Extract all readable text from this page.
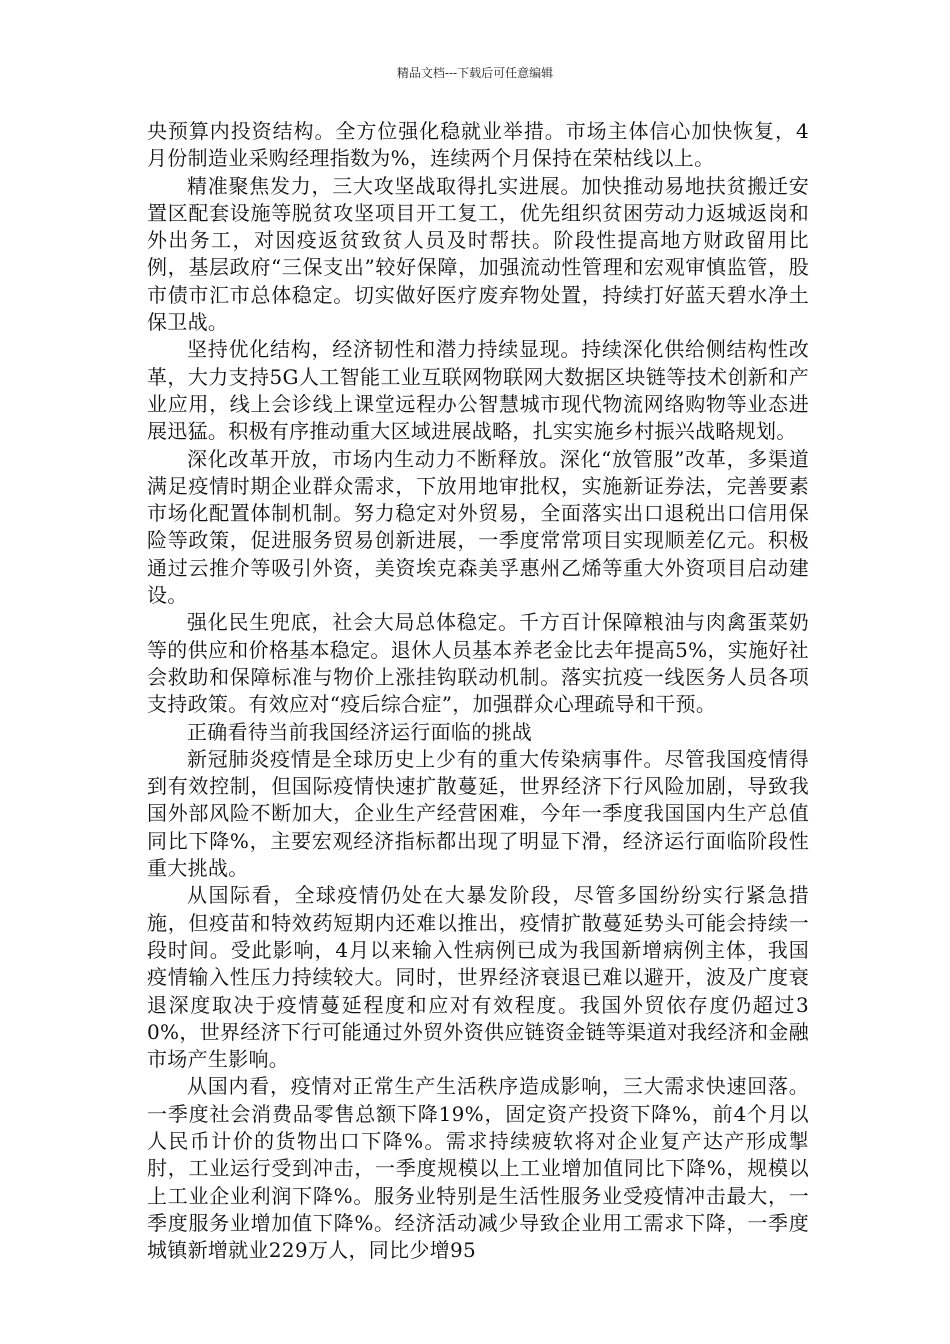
精品文档---下载后可任意编辑

央预算内投资结构。全方位强化稳就业举措。市场主体信心加快恢复，4月份制造业采购经理指数为%，连续两个月保持在荣枯线以上。

精准聚焦发力，三大攻坚战取得扎实进展。加快推动易地扶贫搬迁安置区配套设施等脱贫攻坚项目开工复工，优先组织贫困劳动力返城返岗和外出务工，对因疫返贫致贫人员及时帮扶。阶段性提高地方财政留用比例，基层政府“三保支出”较好保障，加强流动性管理和宏观审慎监管，股市债市汇市总体稳定。切实做好医疗废弃物处置，持续打好蓝天碧水净土保卫战。

坚持优化结构，经济韧性和潜力持续显现。持续深化供给侧结构性改革，大力支持5G人工智能工业互联网物联网大数据区块链等技术创新和产业应用，线上会诊线上课堂远程办公智慧城市现代物流网络购物等业态进展迅猛。积极有序推动重大区域进展战略，扎实实施乡村振兴战略规划。

深化改革开放，市场内生动力不断释放。深化“放管服”改革，多渠道满足疫情时期企业群众需求，下放用地审批权，实施新证券法，完善要素市场化配置体制机制。努力稳定对外贸易，全面落实出口退税出口信用保险等政策，促进服务贸易创新进展，一季度常常项目实现顺差亿元。积极通过云推介等吸引外资，美资埃克森美孚惠州乙烯等重大外资项目启动建设。

强化民生兜底，社会大局总体稳定。千方百计保障粮油与肉禽蛋菜奶等的供应和价格基本稳定。退休人员基本养老金比去年提高5%，实施好社会救助和保障标准与物价上涨挂钩联动机制。落实抗疫一线医务人员各项支持政策。有效应对“疫后综合症”，加强群众心理疏导和干预。

正确看待当前我国经济运行面临的挑战

新冠肺炎疫情是全球历史上少有的重大传染病事件。尽管我国疫情得到有效控制，但国际疫情快速扩散蔓延，世界经济下行风险加剧，导致我国外部风险不断加大，企业生产经营困难，今年一季度我国国内生产总值同比下降%，主要宏观经济指标都出现了明显下滑，经济运行面临阶段性重大挑战。

从国际看，全球疫情仍处在大暴发阶段，尽管多国纷纷实行紧急措施，但疫苗和特效药短期内还难以推出，疫情扩散蔓延势头可能会持续一段时间。受此影响，4月以来输入性病例已成为我国新增病例主体，我国疫情输入性压力持续较大。同时，世界经济衰退已难以避开，波及广度衰退深度取决于疫情蔓延程度和应对有效程度。我国外贸依存度仍超过30%，世界经济下行可能通过外贸外资供应链资金链等渠道对我经济和金融市场产生影响。

从国内看，疫情对正常生产生活秩序造成影响，三大需求快速回落。一季度社会消费品零售总额下降19%，固定资产投资下降%，前4个月以人民币计价的货物出口下降%。需求持续疲软将对企业复产达产形成掣肘，工业运行受到冲击，一季度规模以上工业增加值同比下降%，规模以上工业企业利润下降%。服务业特别是生活性服务业受疫情冲击最大，一季度服务业增加值下降%。经济活动减少导致企业用工需求下降，一季度城镇新增就业229万人，同比少增95
